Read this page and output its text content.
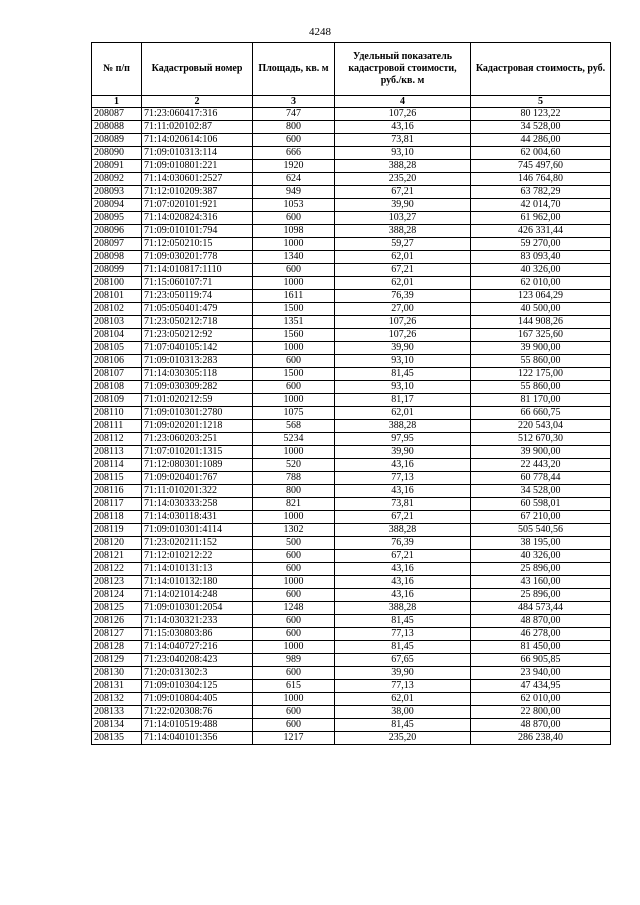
4248
№ п/п	Кадастровый номер	Площадь, кв. м	Удельный показатель кадастровой стоимости, руб./кв. м	Кадастровая стоимость, руб.
1	2	3	4	5
208087	71:23:060417:316	747	107,26	80 123,22
208088	71:11:020102:87	800	43,16	34 528,00
208089	71:14:020614:106	600	73,81	44 286,00
208090	71:09:010313:114	666	93,10	62 004,60
208091	71:09:010801:221	1920	388,28	745 497,60
208092	71:14:030601:2527	624	235,20	146 764,80
208093	71:12:010209:387	949	67,21	63 782,29
208094	71:07:020101:921	1053	39,90	42 014,70
208095	71:14:020824:316	600	103,27	61 962,00
208096	71:09:010101:794	1098	388,28	426 331,44
208097	71:12:050210:15	1000	59,27	59 270,00
208098	71:09:030201:778	1340	62,01	83 093,40
208099	71:14:010817:1110	600	67,21	40 326,00
208100	71:15:060107:71	1000	62,01	62 010,00
208101	71:23:050119:74	1611	76,39	123 064,29
208102	71:05:050401:479	1500	27,00	40 500,00
208103	71:23:050212:718	1351	107,26	144 908,26
208104	71:23:050212:92	1560	107,26	167 325,60
208105	71:07:040105:142	1000	39,90	39 900,00
208106	71:09:010313:283	600	93,10	55 860,00
208107	71:14:030305:118	1500	81,45	122 175,00
208108	71:09:030309:282	600	93,10	55 860,00
208109	71:01:020212:59	1000	81,17	81 170,00
208110	71:09:010301:2780	1075	62,01	66 660,75
208111	71:09:020201:1218	568	388,28	220 543,04
208112	71:23:060203:251	5234	97,95	512 670,30
208113	71:07:010201:1315	1000	39,90	39 900,00
208114	71:12:080301:1089	520	43,16	22 443,20
208115	71:09:020401:767	788	77,13	60 778,44
208116	71:11:010201:322	800	43,16	34 528,00
208117	71:14:030333:258	821	73,81	60 598,01
208118	71:14:030118:431	1000	67,21	67 210,00
208119	71:09:010301:4114	1302	388,28	505 540,56
208120	71:23:020211:152	500	76,39	38 195,00
208121	71:12:010212:22	600	67,21	40 326,00
208122	71:14:010131:13	600	43,16	25 896,00
208123	71:14:010132:180	1000	43,16	43 160,00
208124	71:14:021014:248	600	43,16	25 896,00
208125	71:09:010301:2054	1248	388,28	484 573,44
208126	71:14:030321:233	600	81,45	48 870,00
208127	71:15:030803:86	600	77,13	46 278,00
208128	71:14:040727:216	1000	81,45	81 450,00
208129	71:23:040208:423	989	67,65	66 905,85
208130	71:20:031302:3	600	39,90	23 940,00
208131	71:09:010304:125	615	77,13	47 434,95
208132	71:09:010804:405	1000	62,01	62 010,00
208133	71:22:020308:76	600	38,00	22 800,00
208134	71:14:010519:488	600	81,45	48 870,00
208135	71:14:040101:356	1217	235,20	286 238,40
